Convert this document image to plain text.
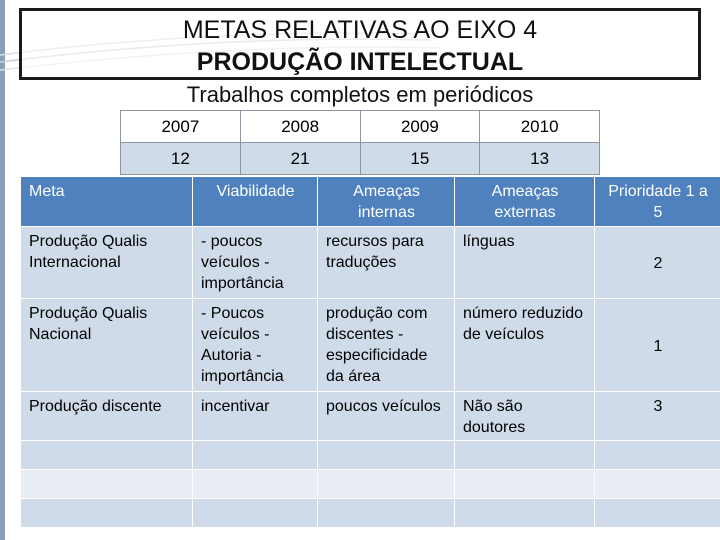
METAS RELATIVAS AO EIXO 4
PRODUÇÃO INTELECTUAL
Trabalhos completos em periódicos
2007	2008	2009	2010
12	21	15	13
Meta	Viabilidade	Ameaças internas	Ameaças externas	Prioridade 1 a 5
Produção Qualis Internacional	- poucos veículos - importância	recursos para traduções	línguas	2
Produção Qualis Nacional	- Poucos veículos - Autoria - importância	produção com discentes - especificidade da área	número reduzido de veículos	1
Produção discente	incentivar	poucos veículos	Não são doutores	3
